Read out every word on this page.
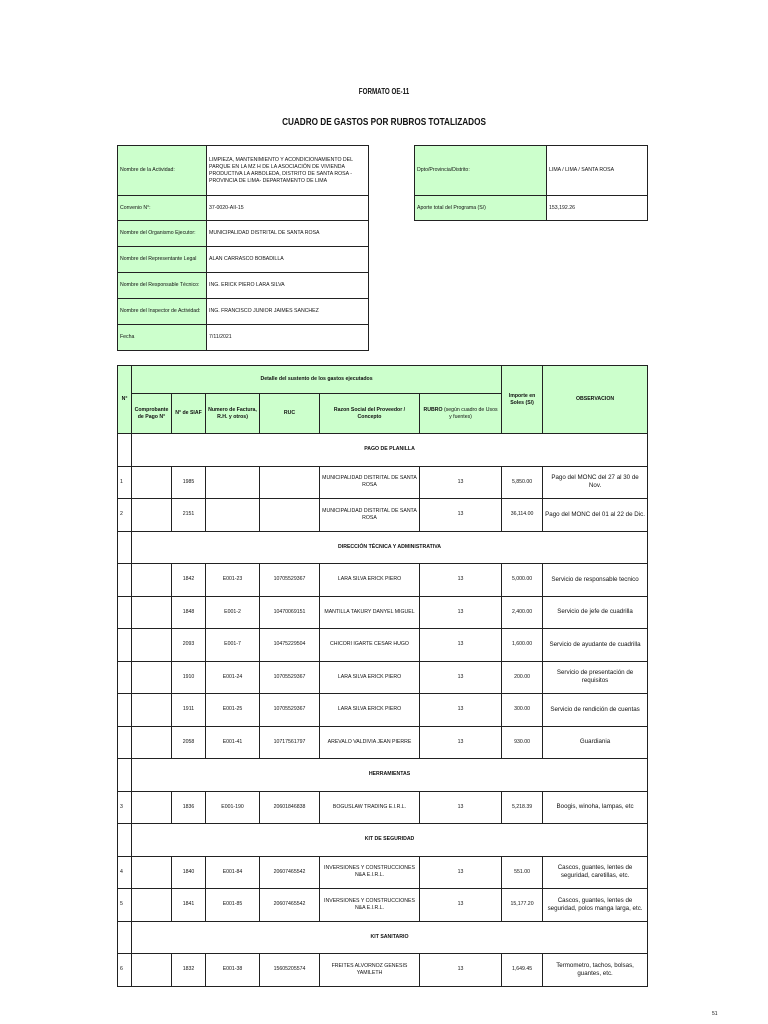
FORMATO OE-11
CUADRO DE GASTOS POR RUBROS TOTALIZADOS
Nombre de la Actividad:	LIMPIEZA, MANTENIMIENTO Y ACONDICIONAMIENTO DEL PARQUE EN LA MZ H DE LA ASOCIACIÓN DE VIVIENDA PRODUCTIVA LA ARBOLEDA, DISTRITO DE SANTA ROSA - PROVINCIA DE LIMA- DEPARTAMENTO DE LIMA
Convenio N°:	37-0020-AII-15
Nombre del Organismo Ejecutor:	MUNICIPALIDAD DISTRITAL DE SANTA ROSA
Nombre del Representante Legal	ALAN CARRASCO BOBADILLA
Nombre del Responsable Técnico:	ING. ERICK PIERO LARA SILVA
Nombre del Inspector de Actividad:	ING. FRANCISCO JUNIOR JAIMES SANCHEZ
Fecha	7/11/2021
Dpto/Provincia/Distrito:	LIMA / LIMA / SANTA ROSA
Aporte total del Programa (S/)	153,192.26
N°	Detalle del sustento de los gastos ejecutados						Importe en Soles (S/)	OBSERVACION
	Comprobante de Pago N°	N° de SIAF	Numero de Factura, R.H. y otros)	RUC	Razon Social del Proveedor / Concepto	RUBRO (según cuadro de Usos y fuentes)		
	PAGO DE PLANILLA							
1		1985			MUNICIPALIDAD DISTRITAL DE SANTA ROSA	13	5,850.00	Pago del MONC del 27 al 30 de Nov.
2		2151			MUNICIPALIDAD DISTRITAL DE SANTA ROSA	13	36,114.00	Pago del MONC del 01 al 22 de Dic.
	DIRECCIÓN TÉCNICA Y ADMINISTRATIVA							
		1842	E001-23	10705529367	LARA SILVA ERICK PIERO	13	5,000.00	Servicio de responsable tecnico
		1848	E001-2	10470069151	MANTILLA TAKURY DANYEL MIGUEL	13	2,400.00	Servicio de jefe de cuadrilla
		2093	E001-7	10475229504	CHICORI IGARTE CESAR HUGO	13	1,600.00	Servicio de ayudante de cuadrilla
		1910	E001-24	10705529367	LARA SILVA ERICK PIERO	13	200.00	Servicio de presentación de requisitos
		1911	E001-25	10705529367	LARA SILVA ERICK PIERO	13	300.00	Servicio de rendición de cuentas
		2058	E001-41	10717561797	AREVALO VALDIVIA JEAN PIERRE	13	930.00	Guardiania
	HERRAMIENTAS							
3		1836	E001-190	20601846838	BOGUSLAW TRADING E.I.R.L.	13	5,218.39	Boogis, winoha, lampas, etc
	KIT DE SEGURIDAD							
4		1840	E001-84	20607465542	INVERSIONES Y CONSTRUCCIONES N&A E.I.R.L.	13	551.00	Cascos, guantes, lentes de seguridad, caretillas, etc.
5		1841	E001-85	20607465542	INVERSIONES Y CONSTRUCCIONES N&A E.I.R.L.	13	15,177.20	Cascos, guantes, lentes de seguridad, polos manga larga, etc.
	KIT SANITARIO							
6		1832	E001-38	15605205574	FREITES ALVORNOZ GENESIS YAMILETH	13	1,649.45	Termometro, tachos, bolsas, guantes, etc.
51
